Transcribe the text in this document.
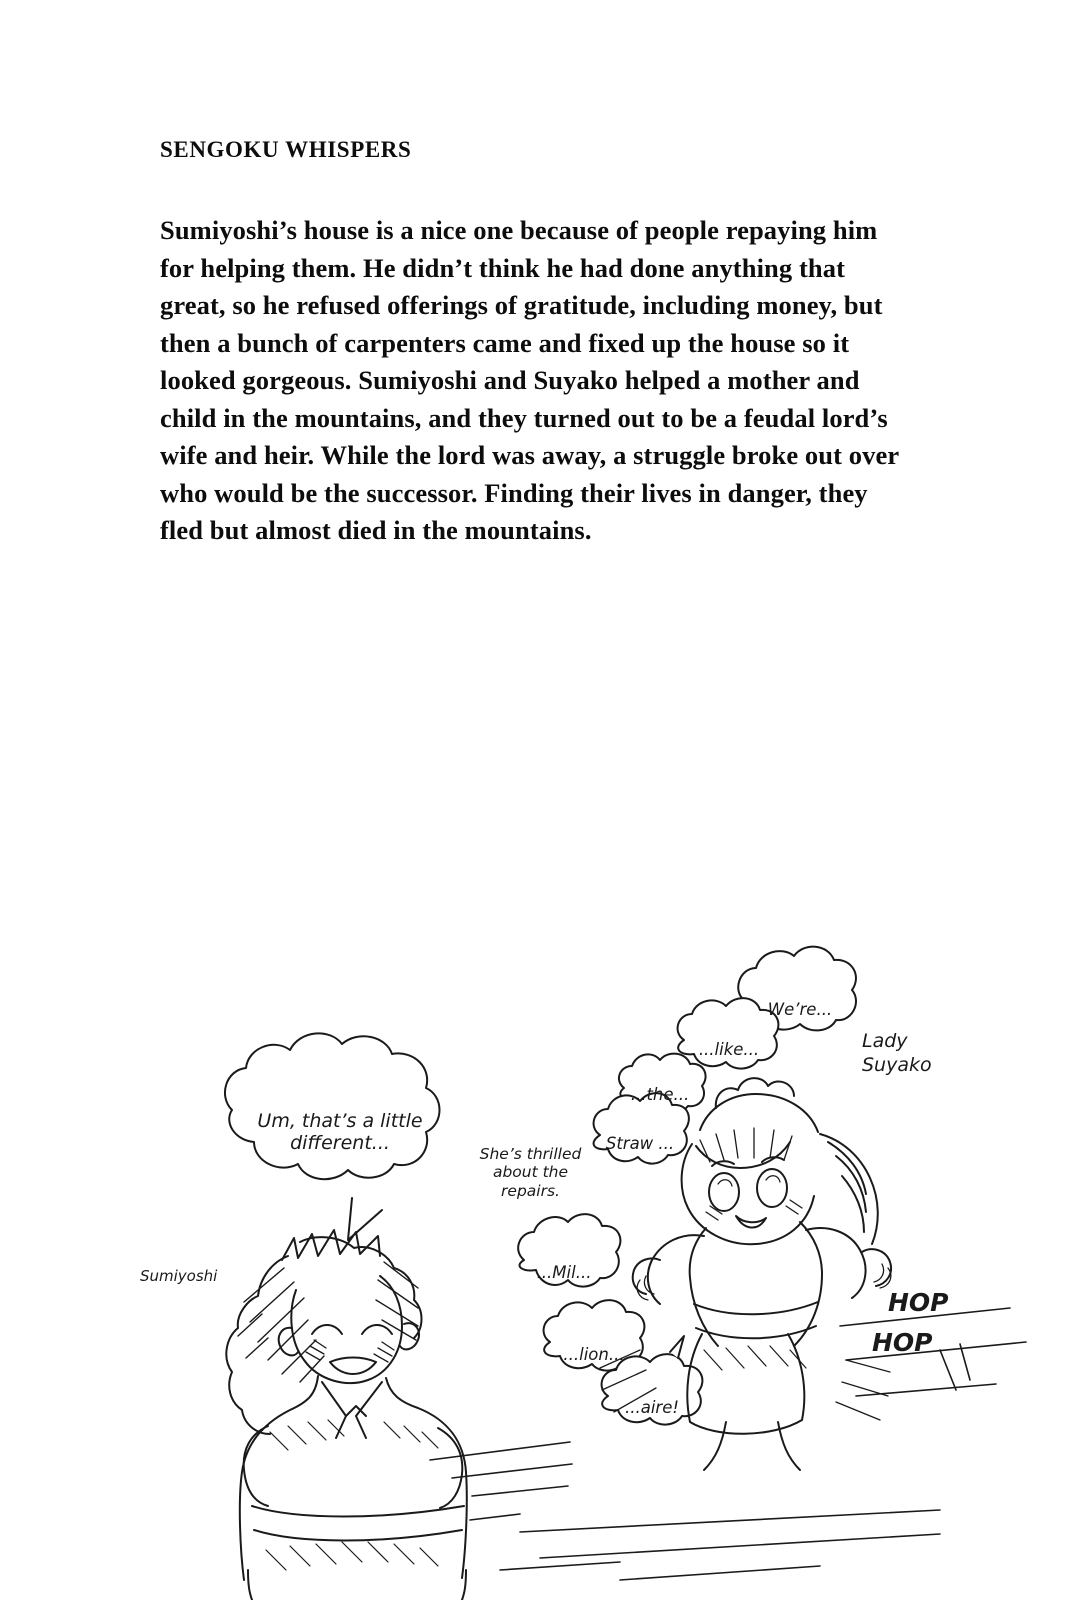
SENGOKU WHISPERS
Sumiyoshi’s house is a nice one because of people repaying him for helping them. He didn’t think he had done anything that great, so he refused offerings of gratitude, including money, but then a bunch of carpenters came and fixed up the house so it looked gorgeous. Sumiyoshi and Suyako helped a mother and child in the mountains, and they turned out to be a feudal lord’s wife and heir. While the lord was away, a struggle broke out over who would be the successor. Finding their lives in danger, they fled but almost died in the mountains.
Um, that’s a little different...	She’s thrilled about the repairs.
We’re...
...like...
...the...
Straw ...
...Mil...
...lion...
...aire!
Sumiyoshi
Lady Suyako
HOP
HOP
